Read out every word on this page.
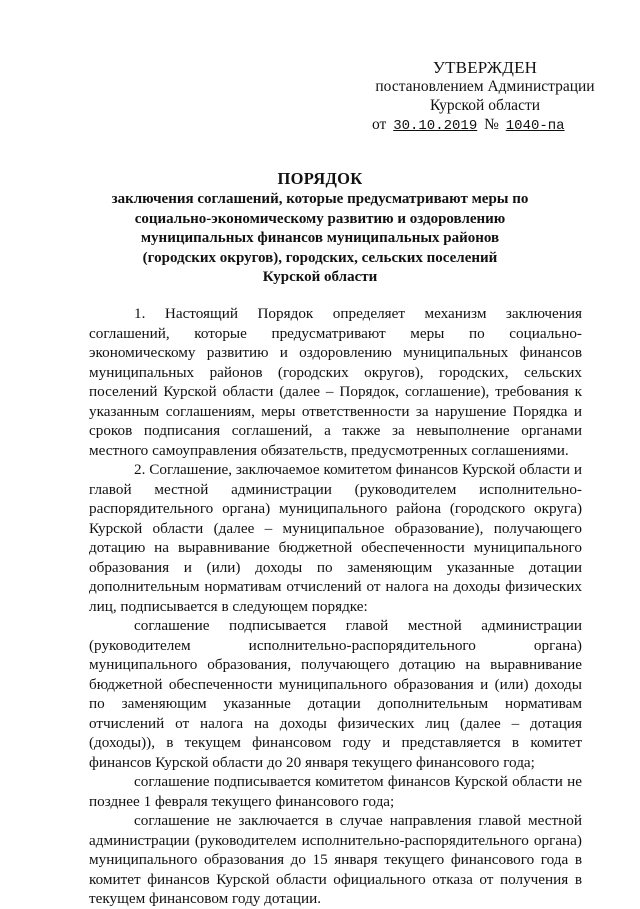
УТВЕРЖДЕН
постановлением Администрации
Курской области
от 30.10.2019 № 1040-па
ПОРЯДОК
заключения соглашений, которые предусматривают меры по
социально-экономическому развитию и оздоровлению
муниципальных финансов муниципальных районов
(городских округов), городских, сельских поселений
Курской области

1. Настоящий Порядок определяет механизм заключения соглашений, которые предусматривают меры по социально-экономическому развитию и оздоровлению муниципальных финансов муниципальных районов (городских округов), городских, сельских поселений Курской области (далее – Порядок, соглашение), требования к указанным соглашениям, меры ответственности за нарушение Порядка и сроков подписания соглашений, а также за невыполнение органами местного самоуправления обязательств, предусмотренных соглашениями.

2. Соглашение, заключаемое комитетом финансов Курской области и главой местной администрации (руководителем исполнительно-распорядительного органа) муниципального района (городского округа) Курской области (далее – муниципальное образование), получающего дотацию на выравнивание бюджетной обеспеченности муниципального образования и (или) доходы по заменяющим указанные дотации дополнительным нормативам отчислений от налога на доходы физических лиц, подписывается в следующем порядке:

соглашение подписывается главой местной администрации (руководителем исполнительно-распорядительного органа) муниципального образования, получающего дотацию на выравнивание бюджетной обеспеченности муниципального образования и (или) доходы по заменяющим указанные дотации дополнительным нормативам отчислений от налога на доходы физических лиц (далее – дотация (доходы)), в текущем финансовом году и представляется в комитет финансов Курской области до 20 января текущего финансового года;

соглашение подписывается комитетом финансов Курской области не позднее 1 февраля текущего финансового года;

соглашение не заключается в случае направления главой местной администрации (руководителем исполнительно-распорядительного органа) муниципального образования до 15 января текущего финансового года в комитет финансов Курской области официального отказа от получения в текущем финансовом году дотации.
